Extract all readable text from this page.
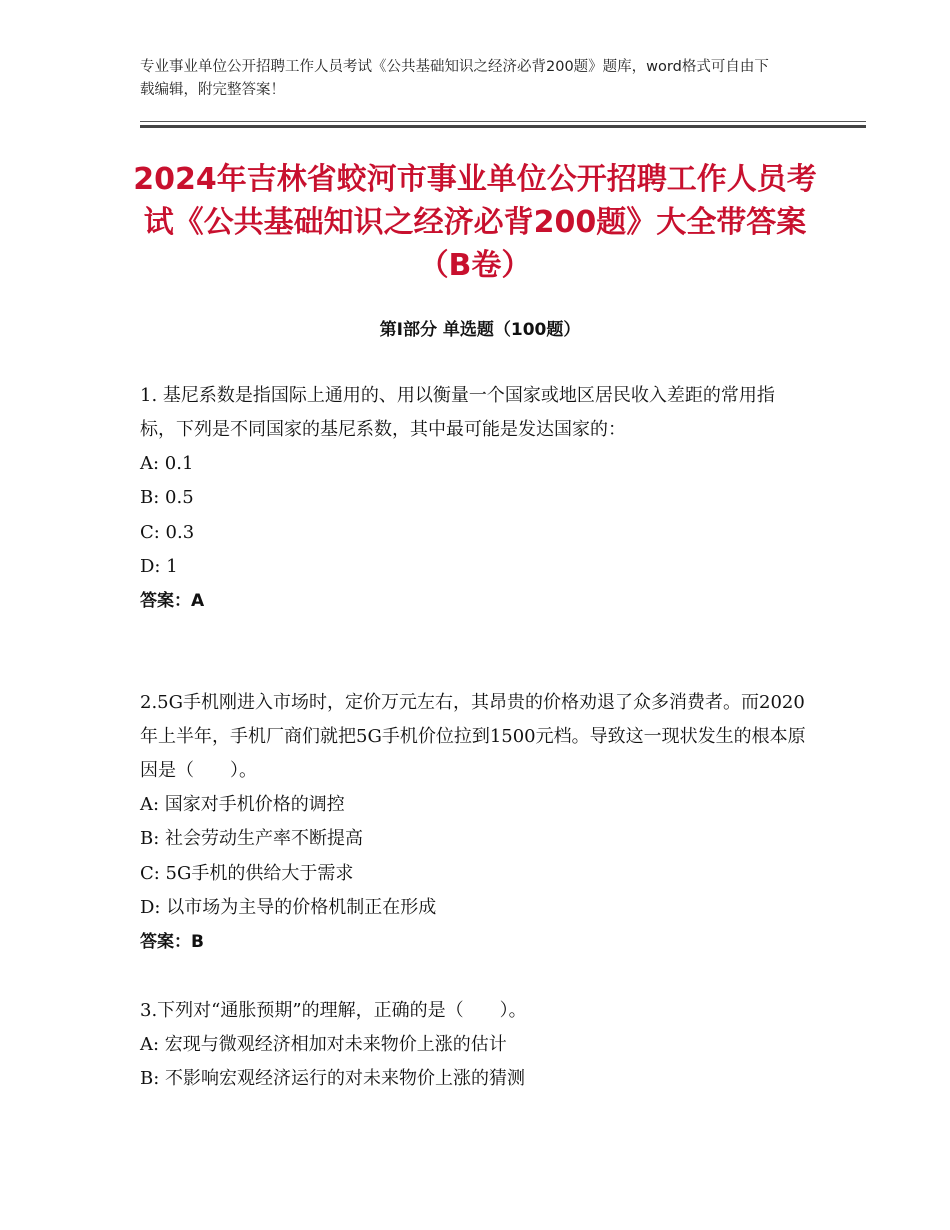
专业事业单位公开招聘工作人员考试《公共基础知识之经济必背200题》题库，word格式可自由下载编辑，附完整答案！
2024年吉林省蛟河市事业单位公开招聘工作人员考试《公共基础知识之经济必背200题》大全带答案（B卷）
第I部分 单选题（100题）

1. 基尼系数是指国际上通用的、用以衡量一个国家或地区居民收入差距的常用指标，下列是不同国家的基尼系数，其中最可能是发达国家的：

A: 0.1

B: 0.5

C: 0.3

D: 1

答案：A

2.5G手机刚进入市场时，定价万元左右，其昂贵的价格劝退了众多消费者。而2020年上半年，手机厂商们就把5G手机价位拉到1500元档。导致这一现状发生的根本原因是（　　）。

A: 国家对手机价格的调控

B: 社会劳动生产率不断提高

C: 5G手机的供给大于需求

D: 以市场为主导的价格机制正在形成

答案：B

3.下列对“通胀预期”的理解，正确的是（　　）。

A: 宏现与微观经济相加对未来物价上涨的估计

B: 不影响宏观经济运行的对未来物价上涨的猜测
